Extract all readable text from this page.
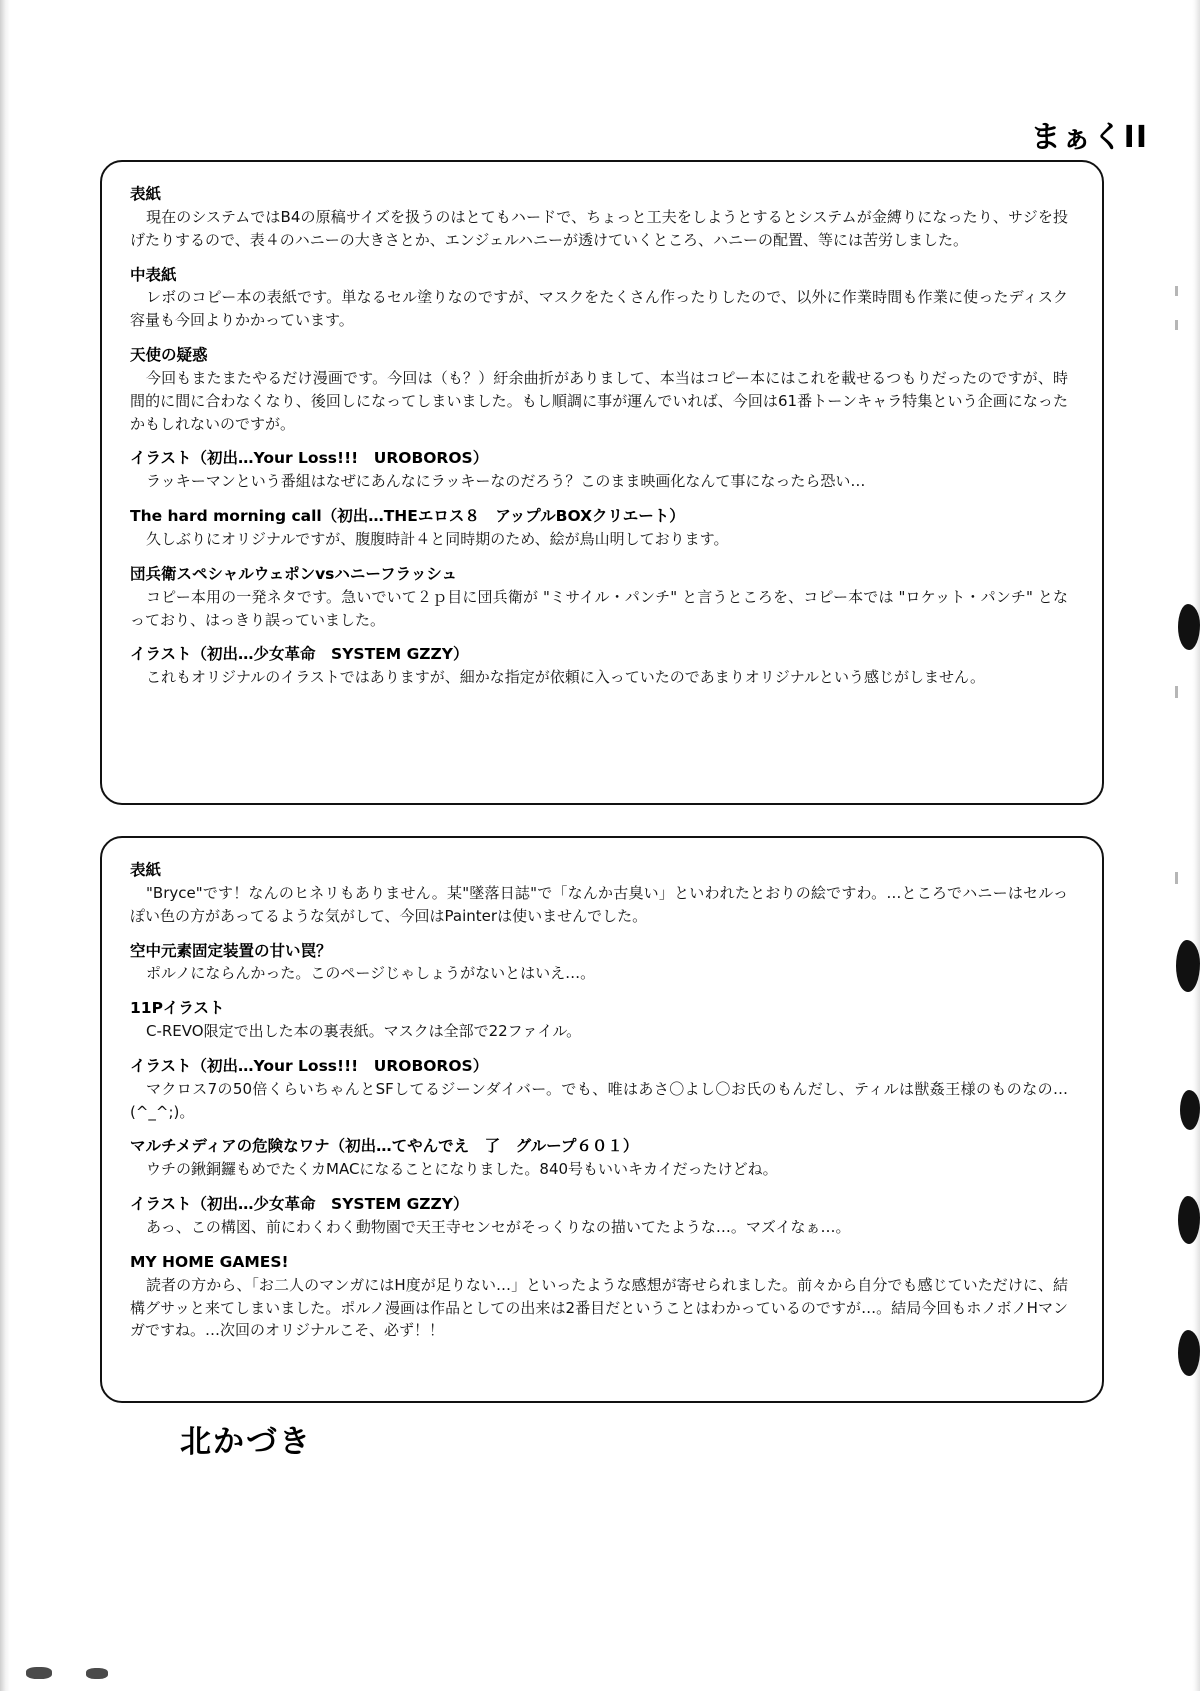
まぁくII
表紙
現在のシステムではB4の原稿サイズを扱うのはとてもハードで、ちょっと工夫をしようとするとシステムが金縛りになったり、サジを投げたりするので、表４のハニーの大きさとか、エンジェルハニーが透けていくところ、ハニーの配置、等には苦労しました。
中表紙
レボのコピー本の表紙です。単なるセル塗りなのですが、マスクをたくさん作ったりしたので、以外に作業時間も作業に使ったディスク容量も今回よりかかっています。
天使の疑惑
今回もまたまたやるだけ漫画です。今回は（も？）紆余曲折がありまして、本当はコピー本にはこれを載せるつもりだったのですが、時間的に間に合わなくなり、後回しになってしまいました。もし順調に事が運んでいれば、今回は61番トーンキャラ特集という企画になったかもしれないのですが。
イラスト（初出…Your Loss!!!　UROBOROS）
ラッキーマンという番組はなぜにあんなにラッキーなのだろう？このまま映画化なんて事になったら恐い…
The hard morning call（初出…THEエロス８　アップルBOXクリエート）
久しぶりにオリジナルですが、腹腹時計４と同時期のため、絵が鳥山明しております。
団兵衛スペシャルウェポンvsハニーフラッシュ
コピー本用の一発ネタです。急いでいて２ｐ目に団兵衛が "ミサイル・パンチ" と言うところを、コピー本では "ロケット・パンチ" となっており、はっきり誤っていました。
イラスト（初出…少女革命　SYSTEM GZZY）
これもオリジナルのイラストではありますが、細かな指定が依頼に入っていたのであまりオリジナルという感じがしません。
表紙
"Bryce"です！なんのヒネリもありません。某"墜落日誌"で「なんか古臭い」といわれたとおりの絵ですわ。…ところでハニーはセルっぽい色の方があってるような気がして、今回はPainterは使いませんでした。
空中元素固定装置の甘い罠？
ポルノにならんかった。このページじゃしょうがないとはいえ…。
11Pイラスト
C-REVO限定で出した本の裏表紙。マスクは全部で22ファイル。
イラスト（初出…Your Loss!!!　UROBOROS）
マクロス7の50倍くらいちゃんとSFしてるジーンダイバー。でも、唯はあさ〇よし〇お氏のもんだし、ティルは獣姦王様のものなの…(^_^;)。
マルチメディアの危険なワナ（初出…てやんでえ　了　グループ６０１）
ウチの鍬銅鑼もめでたくカMACになることになりました。840号もいいキカイだったけどね。
イラスト（初出…少女革命　SYSTEM GZZY）
あっ、この構図、前にわくわく動物園で天王寺センセがそっくりなの描いてたような…。マズイなぁ…。
MY HOME GAMES!
読者の方から、「お二人のマンガにはH度が足りない…」といったような感想が寄せられました。前々から自分でも感じていただけに、結構グサッと来てしまいました。ポルノ漫画は作品としての出来は2番目だということはわかっているのですが…。結局今回もホノボノHマンガですね。…次回のオリジナルこそ、必ず！！
北かづき
